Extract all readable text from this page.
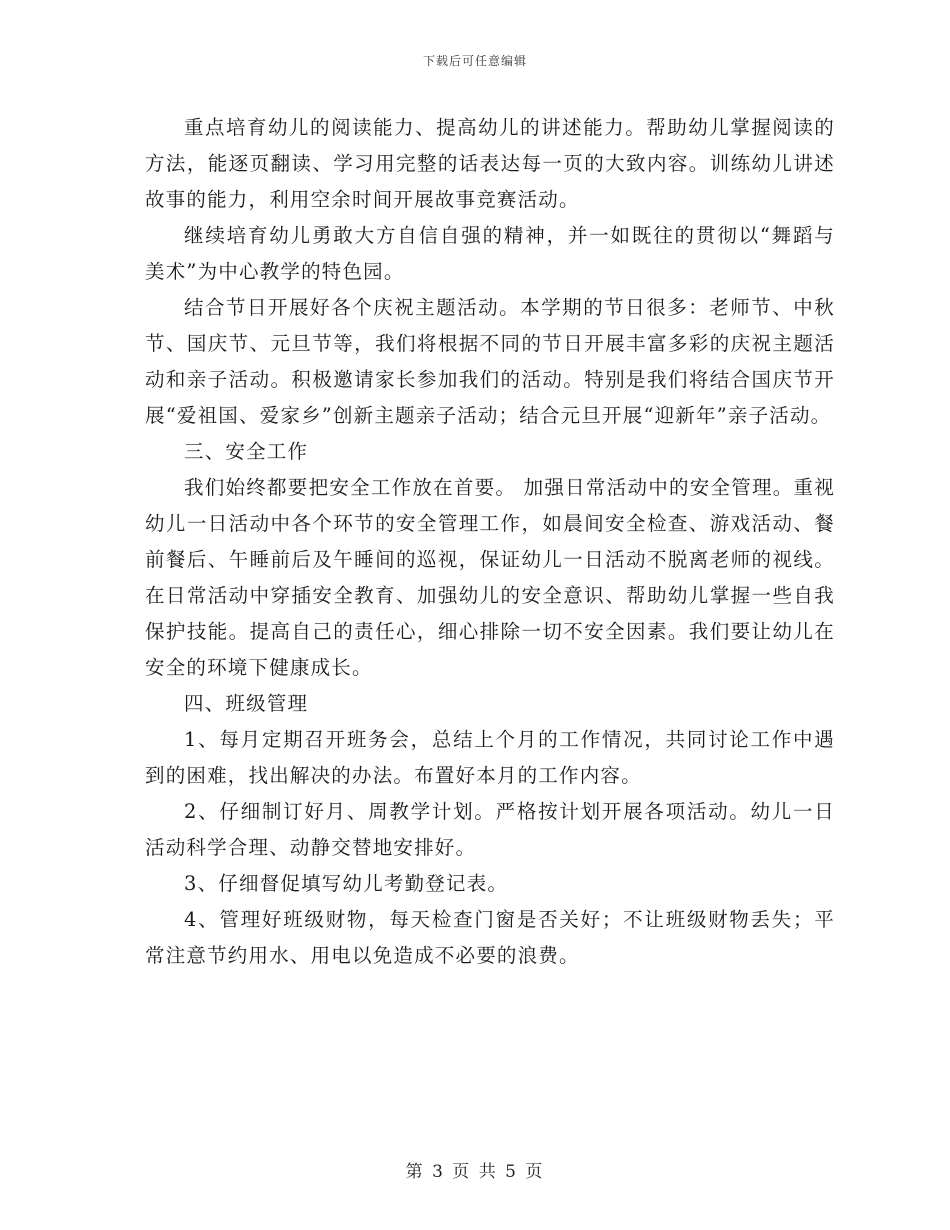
下载后可任意编辑

重点培育幼儿的阅读能力、提高幼儿的讲述能力。帮助幼儿掌握阅读的方法，能逐页翻读、学习用完整的话表达每一页的大致内容。训练幼儿讲述故事的能力，利用空余时间开展故事竞赛活动。

继续培育幼儿勇敢大方自信自强的精神，并一如既往的贯彻以“舞蹈与美术”为中心教学的特色园。

结合节日开展好各个庆祝主题活动。本学期的节日很多：老师节、中秋节、国庆节、元旦节等，我们将根据不同的节日开展丰富多彩的庆祝主题活动和亲子活动。积极邀请家长参加我们的活动。特别是我们将结合国庆节开展“爱祖国、爱家乡”创新主题亲子活动；结合元旦开展“迎新年”亲子活动。

三、安全工作

我们始终都要把安全工作放在首要。 加强日常活动中的安全管理。重视幼儿一日活动中各个环节的安全管理工作，如晨间安全检查、游戏活动、餐前餐后、午睡前后及午睡间的巡视，保证幼儿一日活动不脱离老师的视线。在日常活动中穿插安全教育、加强幼儿的安全意识、帮助幼儿掌握一些自我保护技能。提高自己的责任心，细心排除一切不安全因素。我们要让幼儿在安全的环境下健康成长。

四、班级管理

1、每月定期召开班务会，总结上个月的工作情况，共同讨论工作中遇到的困难，找出解决的办法。布置好本月的工作内容。

2、仔细制订好月、周教学计划。严格按计划开展各项活动。幼儿一日活动科学合理、动静交替地安排好。

3、仔细督促填写幼儿考勤登记表。

4、管理好班级财物，每天检查门窗是否关好；不让班级财物丢失；平常注意节约用水、用电以免造成不必要的浪费。

第 3 页 共 5 页
